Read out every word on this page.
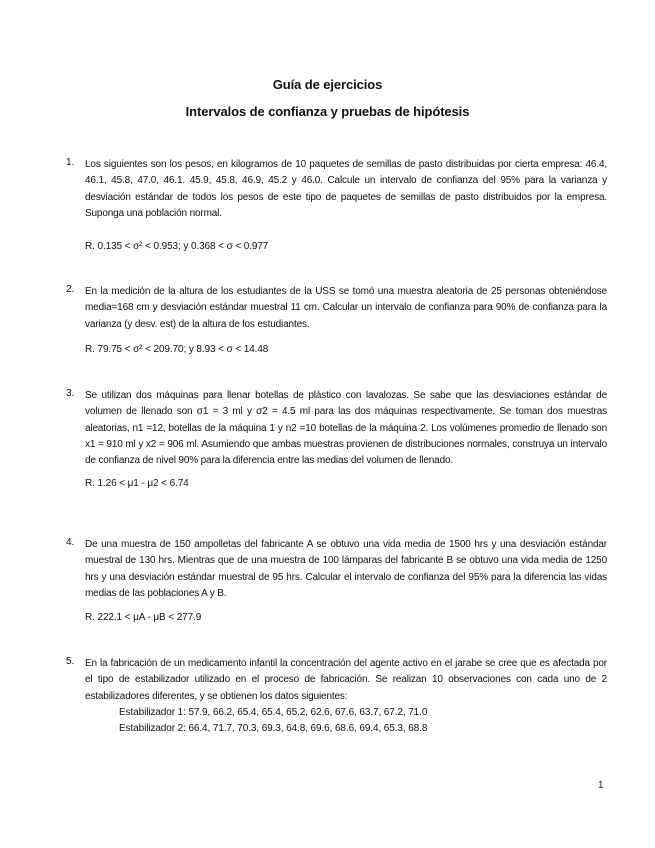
Guía de ejercicios
Intervalos de confianza y pruebas de hipótesis
1. Los siguientes son los pesos, en kilogramos de 10 paquetes de semillas de pasto distribuidas por cierta empresa: 46.4, 46.1, 45.8, 47.0, 46.1. 45.9, 45.8, 46.9, 45.2 y 46.0. Calcule un intervalo de confianza del 95% para la varianza y desviación estándar de todos los pesos de este tipo de paquetes de semillas de pasto distribuidos por la empresa. Suponga una población normal.
R. 0.135 < σ² < 0.953; y 0.368 < σ < 0.977
2. En la medición de la altura de los estudiantes de la USS se tomó una muestra aleatoria de 25 personas obteniéndose media=168 cm y desviación estándar muestral 11 cm. Calcular un intervalo de confianza para 90% de confianza para la varianza (y desv. est) de la altura de los estudiantes.
R. 79.75 < σ² < 209.70; y 8.93 < σ < 14.48
3. Se utilizan dos máquinas para llenar botellas de plástico con lavalozas. Se sabe que las desviaciones estándar de volumen de llenado son σ1 = 3 ml y σ2 = 4.5 ml para las dos máquinas respectivamente. Se toman dos muestras aleatorias, n1 =12, botellas de la máquina 1 y n2 =10 botellas de la máquina 2. Los volúmenes promedio de llenado son x1 = 910 ml y x2 = 906 ml. Asumiendo que ambas muestras provienen de distribuciones normales, construya un intervalo de confianza de nivel 90% para la diferencia entre las medias del volumen de llenado.
R. 1.26 < μ1 - μ2 < 6.74
4. De una muestra de 150 ampolletas del fabricante A se obtuvo una vida media de 1500 hrs y una desviación estándar muestral de 130 hrs. Mientras que de una muestra de 100 lámparas del fabricante B se obtuvo una vida media de 1250 hrs y una desviación estándar muestral de 95 hrs. Calcular el intervalo de confianza del 95% para la diferencia las vidas medias de las poblaciones A y B.
R. 222.1 < μA - μB < 277.9
5. En la fabricación de un medicamento infantil la concentración del agente activo en el jarabe se cree que es afectada por el tipo de estabilizador utilizado en el proceso de fabricación. Se realizan 10 observaciones con cada uno de 2 estabilizadores diferentes, y se obtienen los datos siguientes:
Estabilizador 1: 57.9, 66.2, 65.4, 65.4, 65.2, 62.6, 67.6, 63.7, 67.2, 71.0
Estabilizador 2: 66.4, 71.7, 70.3, 69.3, 64.8, 69.6, 68.6, 69.4, 65.3, 68.8
1
